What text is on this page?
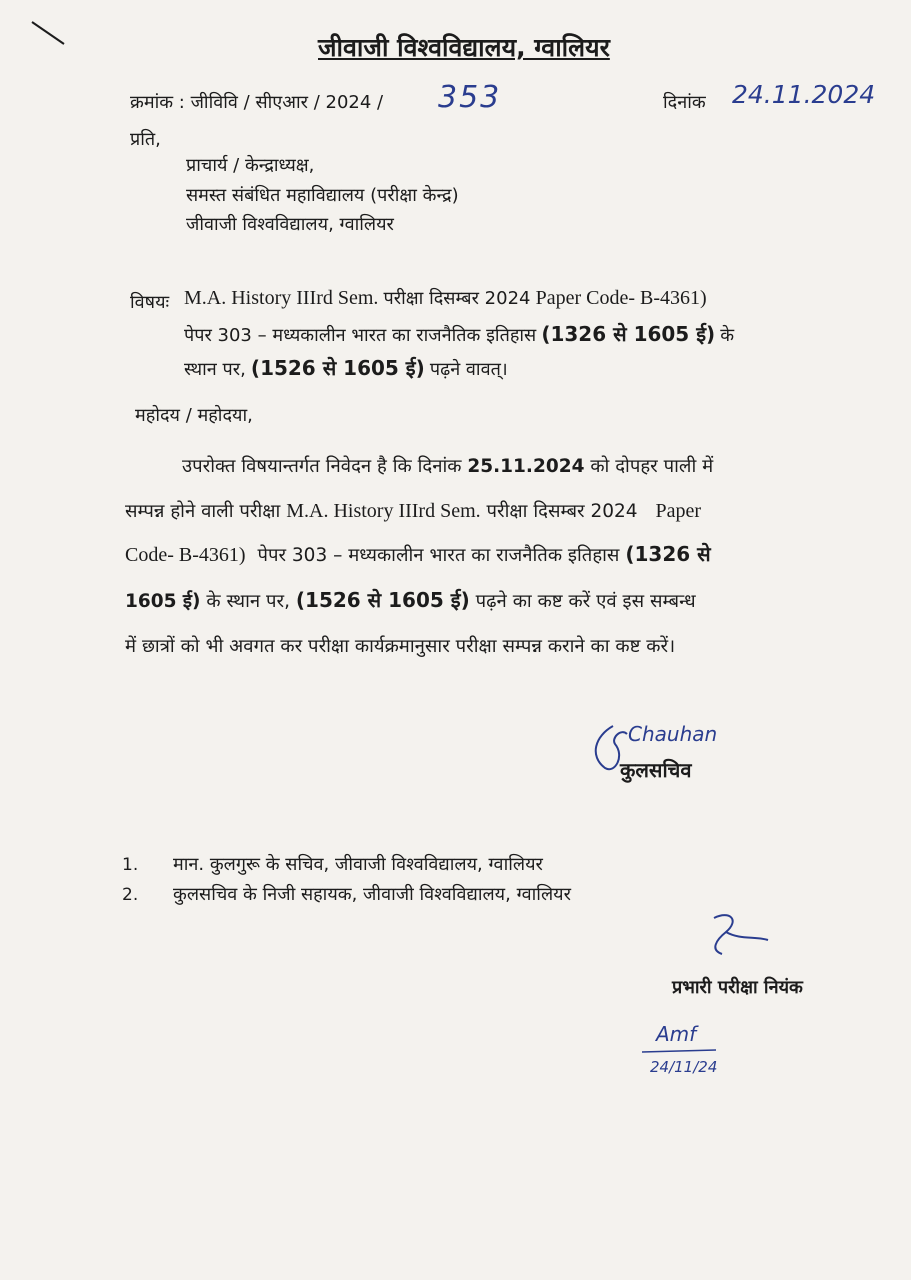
जीवाजी विश्वविद्यालय, ग्वालियर
क्रमांक : जीविवि / सीएआर / 2024 / 353	दिनांक 24.11.2024
प्रति,
प्राचार्य / केन्द्राध्यक्ष,
समस्त संबंधित महाविद्यालय (परीक्षा केन्द्र)
जीवाजी विश्वविद्यालय, ग्वालियर
विषयः M.A. History IIIrd Sem. परीक्षा दिसम्बर 2024 Paper Code- B-4361)
पेपर 303 – मध्यकालीन भारत का राजनैतिक इतिहास (1326 से 1605 ई) के
स्थान पर, (1526 से 1605 ई) पढ़ने वावत्।
महोदय / महोदया,
उपरोक्त विषयान्तर्गत निवेदन है कि दिनांक 25.11.2024 को दोपहर पाली में
सम्पन्न होने वाली परीक्षा M.A. History IIIrd Sem. परीक्षा दिसम्बर 2024 Paper
Code- B-4361) पेपर 303 – मध्यकालीन भारत का राजनैतिक इतिहास (1326 से
1605 ई) के स्थान पर, (1526 से 1605 ई) पढ़ने का कष्ट करें एवं इस सम्बन्ध
में छात्रों को भी अवगत कर परीक्षा कार्यक्रमानुसार परीक्षा सम्पन्न कराने का कष्ट करें।
Chauhan
कुलसचिव
1. मान. कुलगुरू के सचिव, जीवाजी विश्वविद्यालय, ग्वालियर
2. कुलसचिव के निजी सहायक, जीवाजी विश्वविद्यालय, ग्वालियर
प्रभारी परीक्षा नियंक
Amf
24/11/24
